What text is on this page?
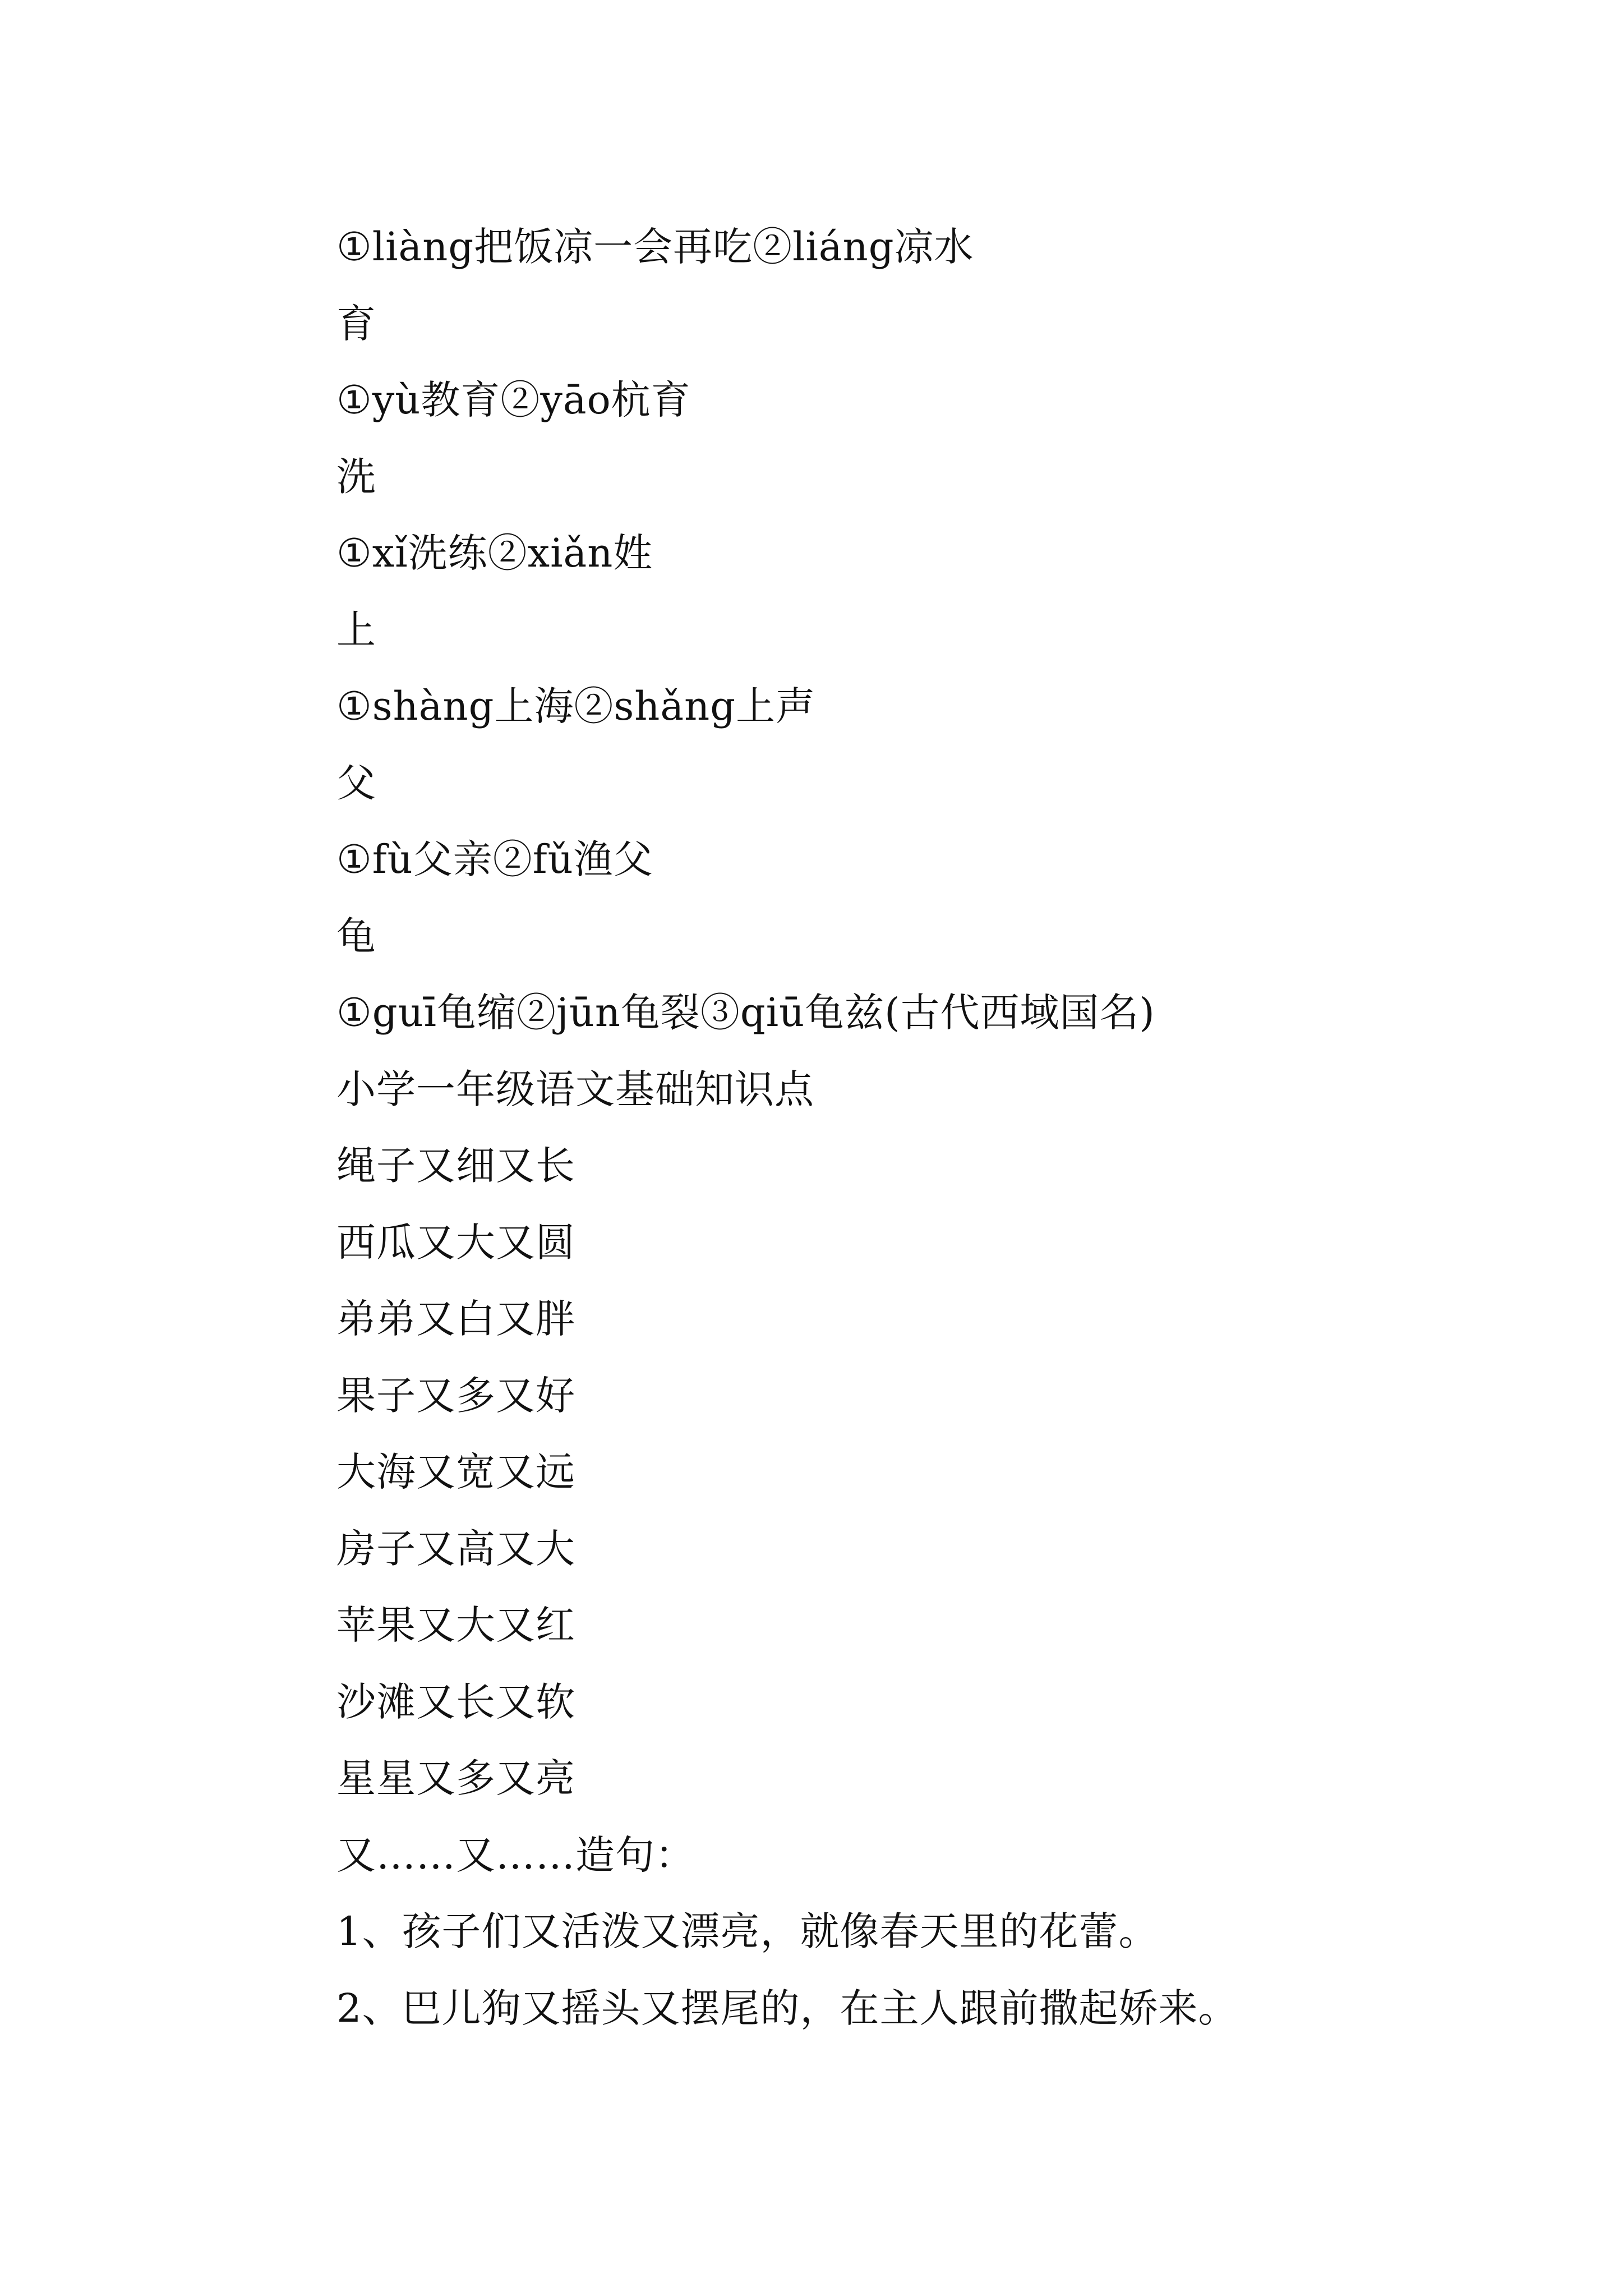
①liàng把饭凉一会再吃②liáng凉水
育
①yù教育②yāo杭育
洗
①xǐ洗练②xiǎn姓
上
①shàng上海②shǎng上声
父
①fù父亲②fǔ渔父
龟
①guī龟缩②jūn龟裂③qiū龟兹(古代西域国名)
小学一年级语文基础知识点
绳子又细又长
西瓜又大又圆
弟弟又白又胖
果子又多又好
大海又宽又远
房子又高又大
苹果又大又红
沙滩又长又软
星星又多又亮
又……又……造句：
1、孩子们又活泼又漂亮，就像春天里的花蕾。
2、巴儿狗又摇头又摆尾的，在主人跟前撒起娇来。
